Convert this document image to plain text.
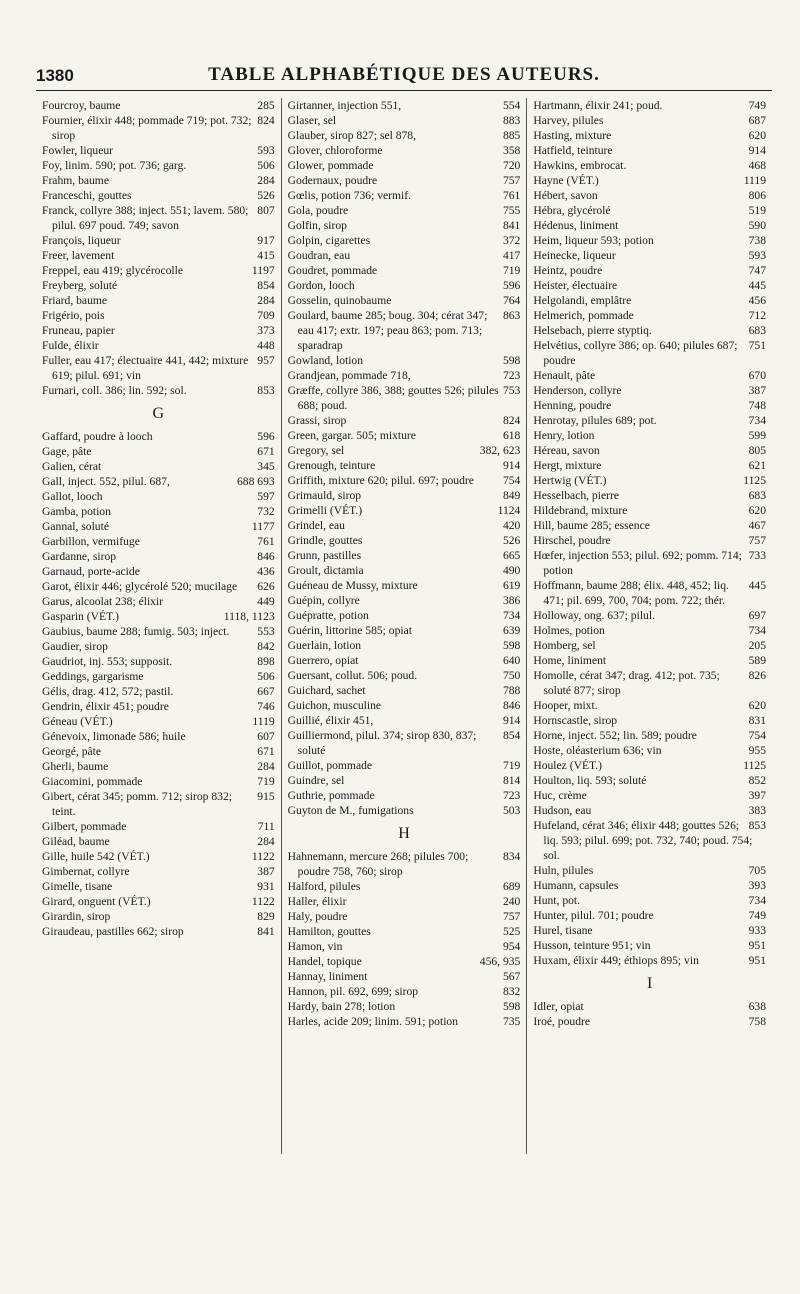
1380	TABLE ALPHABÉTIQUE DES AUTEURS.

285
Fourcroy, baume

824
Fournier, élixir 448; pommade 719; pot. 732; sirop

593
Fowler, liqueur

506
Foy, linim. 590; pot. 736; garg.

284
Frahm, baume

526
Franceschi, gouttes

807
Franck, collyre 388; inject. 551; lavem. 580; pilul. 697 poud. 749; savon

917
François, liqueur

415
Freer, lavement

1197
Freppel, eau 419; glycérocolle

854
Freyberg, soluté

284
Friard, baume

709
Frigério, pois

373
Fruneau, papier

448
Fulde, élixir

957
Fuller, eau 417; électuaire 441, 442; mixture 619; pilul. 691; vin

853
Furnari, coll. 386; lin. 592; sol.

G

596
Gaffard, poudre à looch

671
Gage, pâte

345
Galien, cérat

688 693
Gall, inject. 552, pilul. 687,

597
Gallot, looch

732
Gamba, potion

1177
Gannal, soluté

761
Garbillon, vermifuge

846
Gardanne, sirop

436
Garnaud, porte-acide

626
Garot, élixir 446; glycérolé 520; mucilage

449
Garus, alcoolat 238; élixir

1118, 1123
Gasparin (VÉT.)

553
Gaubius, baume 288; fumig. 503; inject.

842
Gaudier, sirop

898
Gaudriot, inj. 553; supposit.

506
Geddings, gargarisme

667
Gélis, drag. 412, 572; pastil.

746
Gendrin, élixir 451; poudre

1119
Géneau (VÉT.)

607
Génevoix, limonade 586; huile

671
Georgé, pâte

284
Gherli, baume

719
Giacomini, pommade

915
Gibert, cérat 345; pomm. 712; sirop 832; teint.

711
Gilbert, pommade

284
Giléad, baume

1122
Gille, huile 542 (VÉT.)

387
Gimbernat, collyre

931
Gimelle, tisane

1122
Girard, onguent (VÉT.)

829
Girardin, sirop

841
Giraudeau, pastilles 662; sirop

554
Girtanner, injection 551,

883
Glaser, sel

885
Glauber, sirop 827; sel 878,

358
Glover, chloroforme

720
Glower, pommade

757
Godernaux, poudre

761
Gœlis, potion 736; vermif.

755
Gola, poudre

841
Golfin, sirop

372
Golpin, cigarettes

417
Goudran, eau

719
Goudret, pommade

596
Gordon, looch

764
Gosselin, quinobaume

863
Goulard, baume 285; boug. 304; cérat 347; eau 417; extr. 197; peau 863; pom. 713; sparadrap

598
Gowland, lotion

723
Grandjean, pommade 718,

753
Græffe, collyre 386, 388; gouttes 526; pilules 688; poud.

824
Grassi, sirop

618
Green, gargar. 505; mixture

382, 623
Gregory, sel

914
Grenough, teinture

754
Griffith, mixture 620; pilul. 697; poudre

849
Grimauld, sirop

1124
Grimelli (VÉT.)

420
Grindel, eau

526
Grindle, gouttes

665
Grunn, pastilles

490
Groult, dictamia

619
Guéneau de Mussy, mixture

386
Guépin, collyre

734
Guépratte, potion

639
Guérin, littorine 585; opiat

598
Guerlain, lotion

640
Guerrero, opiat

750
Guersant, collut. 506; poud.

788
Guichard, sachet

846
Guichon, musculine

914
Guillié, élixir 451,

854
Guilliermond, pilul. 374; sirop 830, 837; soluté

719
Guillot, pommade

814
Guindre, sel

723
Guthrie, pommade

503
Guyton de M., fumigations

H

834
Hahnemann, mercure 268; pilules 700; poudre 758, 760; sirop

689
Halford, pilules

240
Haller, élixir

757
Haly, poudre

525
Hamilton, gouttes

954
Hamon, vin

456, 935
Handel, topique

567
Hannay, liniment

832
Hannon, pil. 692, 699; sirop

598
Hardy, bain 278; lotion

735
Harles, acide 209; linim. 591; potion

749
Hartmann, élixir 241; poud.

687
Harvey, pilules

620
Hasting, mixture

914
Hatfield, teinture

468
Hawkins, embrocat.

1119
Hayne (VÉT.)

806
Hébert, savon

519
Hébra, glycérolé

590
Hédenus, liniment

738
Heim, liqueur 593; potion

593
Heinecke, liqueur

747
Heintz, poudre

445
Heister, électuaire

456
Helgolandi, emplâtre

712
Helmerich, pommade

683
Helsebach, pierre styptiq.

751
Helvétius, collyre 386; op. 640; pilules 687; poudre

670
Henault, pâte

387
Henderson, collyre

748
Henning, poudre

734
Henrotay, pilules 689; pot.

599
Henry, lotion

805
Héreau, savon

621
Hergt, mixture

1125
Hertwig (VÉT.)

683
Hesselbach, pierre

620
Hildebrand, mixture

467
Hill, baume 285; essence

757
Hirschel, poudre

733
Hœfer, injection 553; pilul. 692; pomm. 714; potion

445
Hoffmann, baume 288; élix. 448, 452; liq. 471; pil. 699, 700, 704; pom. 722; thér.

697
Holloway, ong. 637; pilul.

734
Holmes, potion

205
Homberg, sel

589
Home, liniment

826
Homolle, cérat 347; drag. 412; pot. 735; soluté 877; sirop

620
Hooper, mixt.

831
Hornscastle, sirop

754
Horne, inject. 552; lin. 589; poudre

955
Hoste, oléasterium 636; vin

1125
Houlez (VÉT.)

852
Houlton, liq. 593; soluté

397
Huc, crème

383
Hudson, eau

853
Hufeland, cérat 346; élixir 448; gouttes 526; liq. 593; pilul. 699; pot. 732, 740; poud. 754; sol.

705
Huln, pilules

393
Humann, capsules

734
Hunt, pot.

749
Hunter, pilul. 701; poudre

933
Hurel, tisane

951
Husson, teinture 951; vin

951
Huxam, élixir 449; éthiops 895; vin

I

638
Idler, opiat

758
Iroé, poudre
